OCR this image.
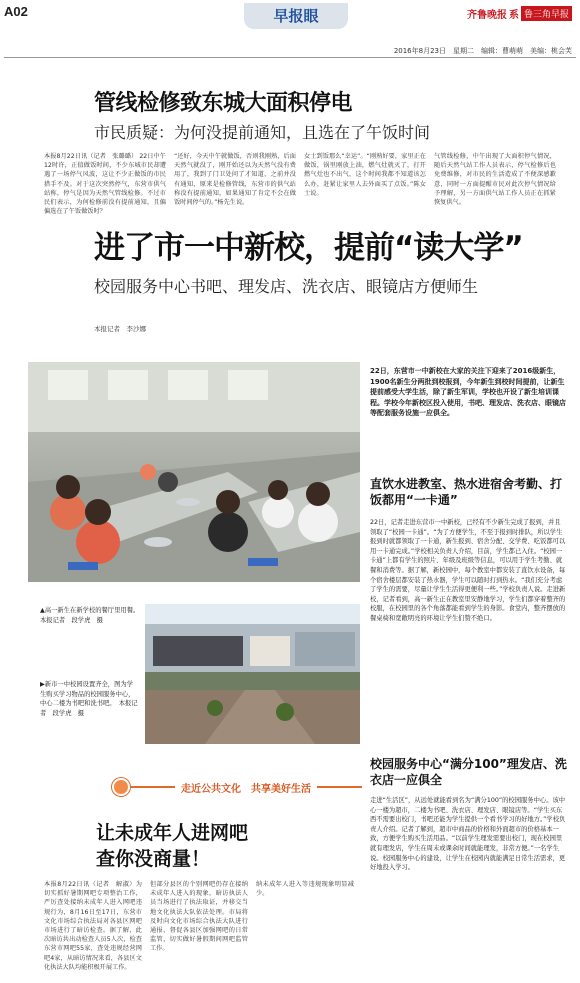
A02	早报眼	齐鲁晚报 系 鲁三角早报
2016年8月23日　星期二　编辑：曹萌萌　美编：桃会芙
管线检修致东城大面积停电
市民质疑：为何没提前通知，且选在了午饭时间
本报8月22日讯（记者　张璐璐） 22日中午12时许，正值做饭时间，不少东城市民却遭遇了一场停气风波，这让不少正做饭的市民措手不及。对于这次突然停气，东营市供气站称，停气是因为天然气管线检修。不过市民们表示，为何检修前没有提前通知，且偏偏选在了午饭做饭时？
“还好，今天中午就做饭，否则我刚熟，后面天然气就没了，刚开始还以为天然气没有费用了，我到了门卫处问了才知道，之前并没有通知，原来是检修管线，东营市的供气站称没有提前通知，如果通知了肯定不会在做饭时间停气的。”杨先生说。
女士到饭那么“幸运”。“刚熟好要，家里正在做饭，锅里刚放上油，燃气灶就灭了，打开燃气灶也不出气，这个时间我都不知道该怎么办，赶紧让家里人去外面买了点饭。”陈女士说。
气管线检修，中午出现了大面积停气情况，随后天然气站工作人员表示，停气检修后也免费维修，对市民的生活造成了不便深感歉意，同时一方面提醒市民对此次停气情况给予理解，另一方面供气站工作人员正在抓紧恢复供气。
进了市一中新校，提前“读大学”
校园服务中心书吧、理发店、洗衣店、眼镜店方便师生
本报记者　李沙娜
22日，东营市一中新校在大家的关注下迎来了2016级新生，1900名新生分两批到校报到，今年新生到校时间提前，让新生提前感受大学生活，除了新生军训，学校也开设了新生培训课程。学校今年新校区投入使用，书吧、理发店、洗衣店、眼镜店等配套服务设施一应俱全。
▲高一新生在新学校的餐厅里用餐。　本报记者　段学虎　摄
▶新市一中校园设置齐全，图为学生购买学习物品的校园服务中心，中心二楼为书吧和洗书吧。　本报记者　段学虎　摄
直饮水进教室、热水进宿舍考勤、打饭都用“一卡通”
22日，记者走进东营市一中新校，已经有不少新生完成了报到，并且领取了“校园一卡通”。“为了方便学生，不至于报到时排队，所以学生报到时就都领取了一卡通，新生报到、宿舍分配、交学费、吃饭都可以用一卡通完成。”学校相关负责人介绍，目前，学生都已入住。“校园一卡通”上都有学生的照片、年级及班级等信息，可以用于学生考勤、就餐和消费等。据了解，新校园中，每个教室中都安装了直饮水设备，每个宿舍楼层都安装了热水器，学生可以随时打到热水。“我们充分考虑了学生的需要，尽量让学生生活得更便利一些。”学校负责人说。走进新校，记者看到，高一新生正在教室里安静地学习，学生们都穿着整齐的校服，在校园里的各个角落都能看到学生的身影。食堂内，整齐摆放的餐桌椅和宽敞明亮的环境让学生们赞不绝口。
校园服务中心“满分100”理发店、洗衣店一应俱全
走进“生活区”，从远处就能看到名为“满分100”的校园服务中心。该中心一楼为超市，二楼为书吧、洗衣店、理发店、眼镜店等。“学生买东西不需要出校门，书吧还能为学生提供一个看书学习的好地方。”学校负责人介绍。记者了解到，超市中商品的价格和外面超市的价格基本一致，方便学生购买生活用品。“以前学生理发需要出校门，现在校园里就有理发店，学生在周末或课余时间就能理发，非常方便。”一名学生说。校园服务中心的建设，让学生在校园内就能满足日常生活需求，更好地投入学习。
走近公共文化　共享美好生活
让未成年人进网吧
查你没商量！
本报8月22日讯（记者　解淑）为切实抓好暑期网吧专项整治工作，严厉查处接纳未成年人进入网吧违规行为，8月16日至17日，东营市文化市场综合执法局对各县区网吧市场进行了暗访检查。据了解，此次暗访共出动检查人员5人次，检查东营市网吧55家，查处违规经营网吧4家，从暗访情况来看，各县区文化执法大队均能积极开展工作。
但部分县区的个别网吧仍存在接纳未成年人进入的现象，暗访执法人员当场进行了执法取证，并移交当地文化执法大队依法处理。市局将及时向文化市场综合执法大队进行通报，督促各县区加强网吧的日常监管，切实做好暑假期间网吧监管工作。
纳未成年人进入等违规现象明显减少。
